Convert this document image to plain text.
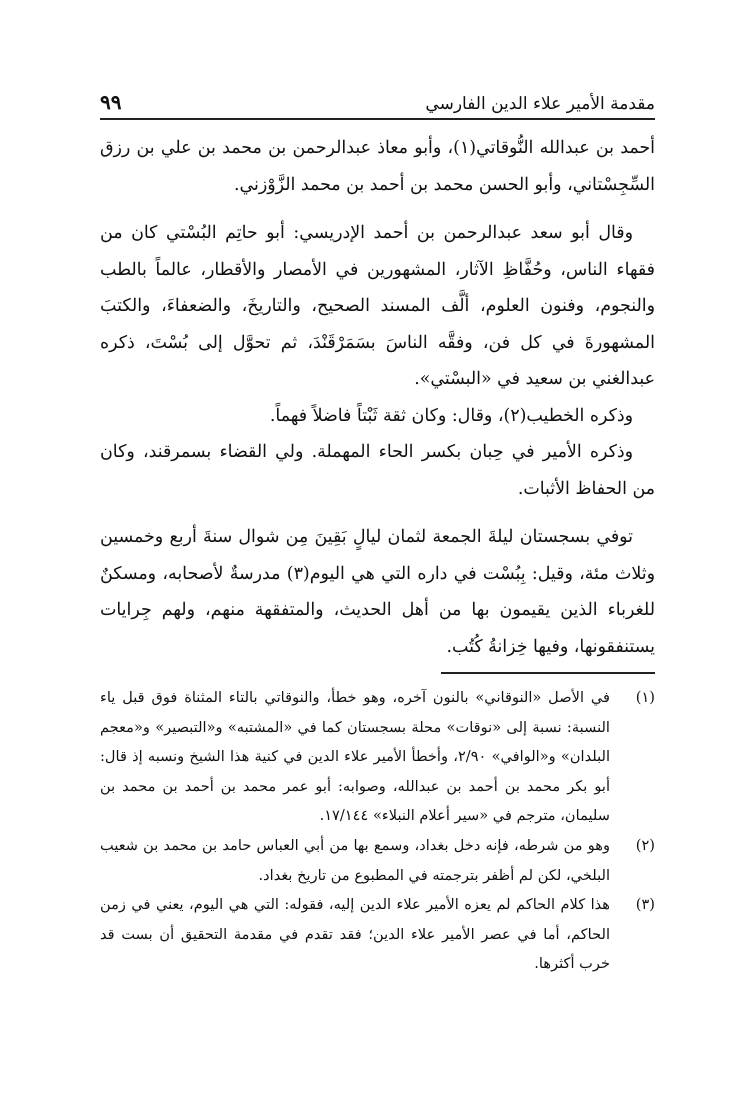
مقدمة الأمير علاء الدين الفارسي
٩٩

أحمد بن عبدالله النُّوقاتي(١)، وأبو معاذ عبدالرحمن بن محمد بن علي بن رزق السِّجِسْتاني، وأبو الحسن محمد بن أحمد بن محمد الزَّوْزني.

وقال أبو سعد عبدالرحمن بن أحمد الإدريسي: أبو حاتِم البُسْتي كان من فقهاء الناس، وحُفَّاظِ الآثار، المشهورين في الأمصار والأقطار، عالماً بالطب والنجوم، وفنون العلوم، ألَّف المسند الصحيح، والتاريخَ، والضعفاءَ، والكتبَ المشهورةَ في كل فن، وفقَّه الناسَ بسَمَرْقَنْدَ، ثم تحوَّل إلى بُسْتَ، ذكره عبدالغني بن سعيد في «البسْتي».

وذكره الخطيب(٢)، وقال: وكان ثقة ثَبْتاً فاضلاً فهماً.

وذكره الأمير في حِبان بكسر الحاء المهملة. ولي القضاء بسمرقند، وكان من الحفاظ الأثبات.

توفي بسجستان ليلةَ الجمعة لثمان ليالٍ بَقِينَ مِن شوال سنةَ أربع وخمسين وثلاث مئة، وقيل: بِبُسْت في داره التي هي اليوم(٣) مدرسةٌ لأصحابه، ومسكنٌ للغرباء الذين يقيمون بها من أهل الحديث، والمتفقهة منهم، ولهم جِرايات يستنفقونها، وفيها خِزانةُ كُتُب.

(١)

في الأصل «النوقاني» بالنون آخره، وهو خطأ، والنوقاتي بالتاء المثناة فوق قبل ياء النسبة: نسبة إلى «نوقات» محلة بسجستان كما في «المشتبه» و«التبصير» و«معجم البلدان» و«الوافي» ٢/٩٠، وأخطأ الأمير علاء الدين في كنية هذا الشيخ ونسبه إذ قال: أبو بكر محمد بن أحمد بن عبدالله، وصوابه: أبو عمر محمد بن أحمد بن محمد بن سليمان، مترجم في «سير أعلام النبلاء» ١٧/١٤٤.

(٢)

وهو من شرطه، فإنه دخل بغداد، وسمع بها من أبي العباس حامد بن محمد بن شعيب البلخي، لكن لم أظفر بترجمته في المطبوع من تاريخ بغداد.

(٣)

هذا كلام الحاكم لم يعزه الأمير علاء الدين إليه، فقوله: التي هي اليوم، يعني في زمن الحاكم، أما في عصر الأمير علاء الدين؛ فقد تقدم في مقدمة التحقيق أن بست قد خرب أكثرها.
